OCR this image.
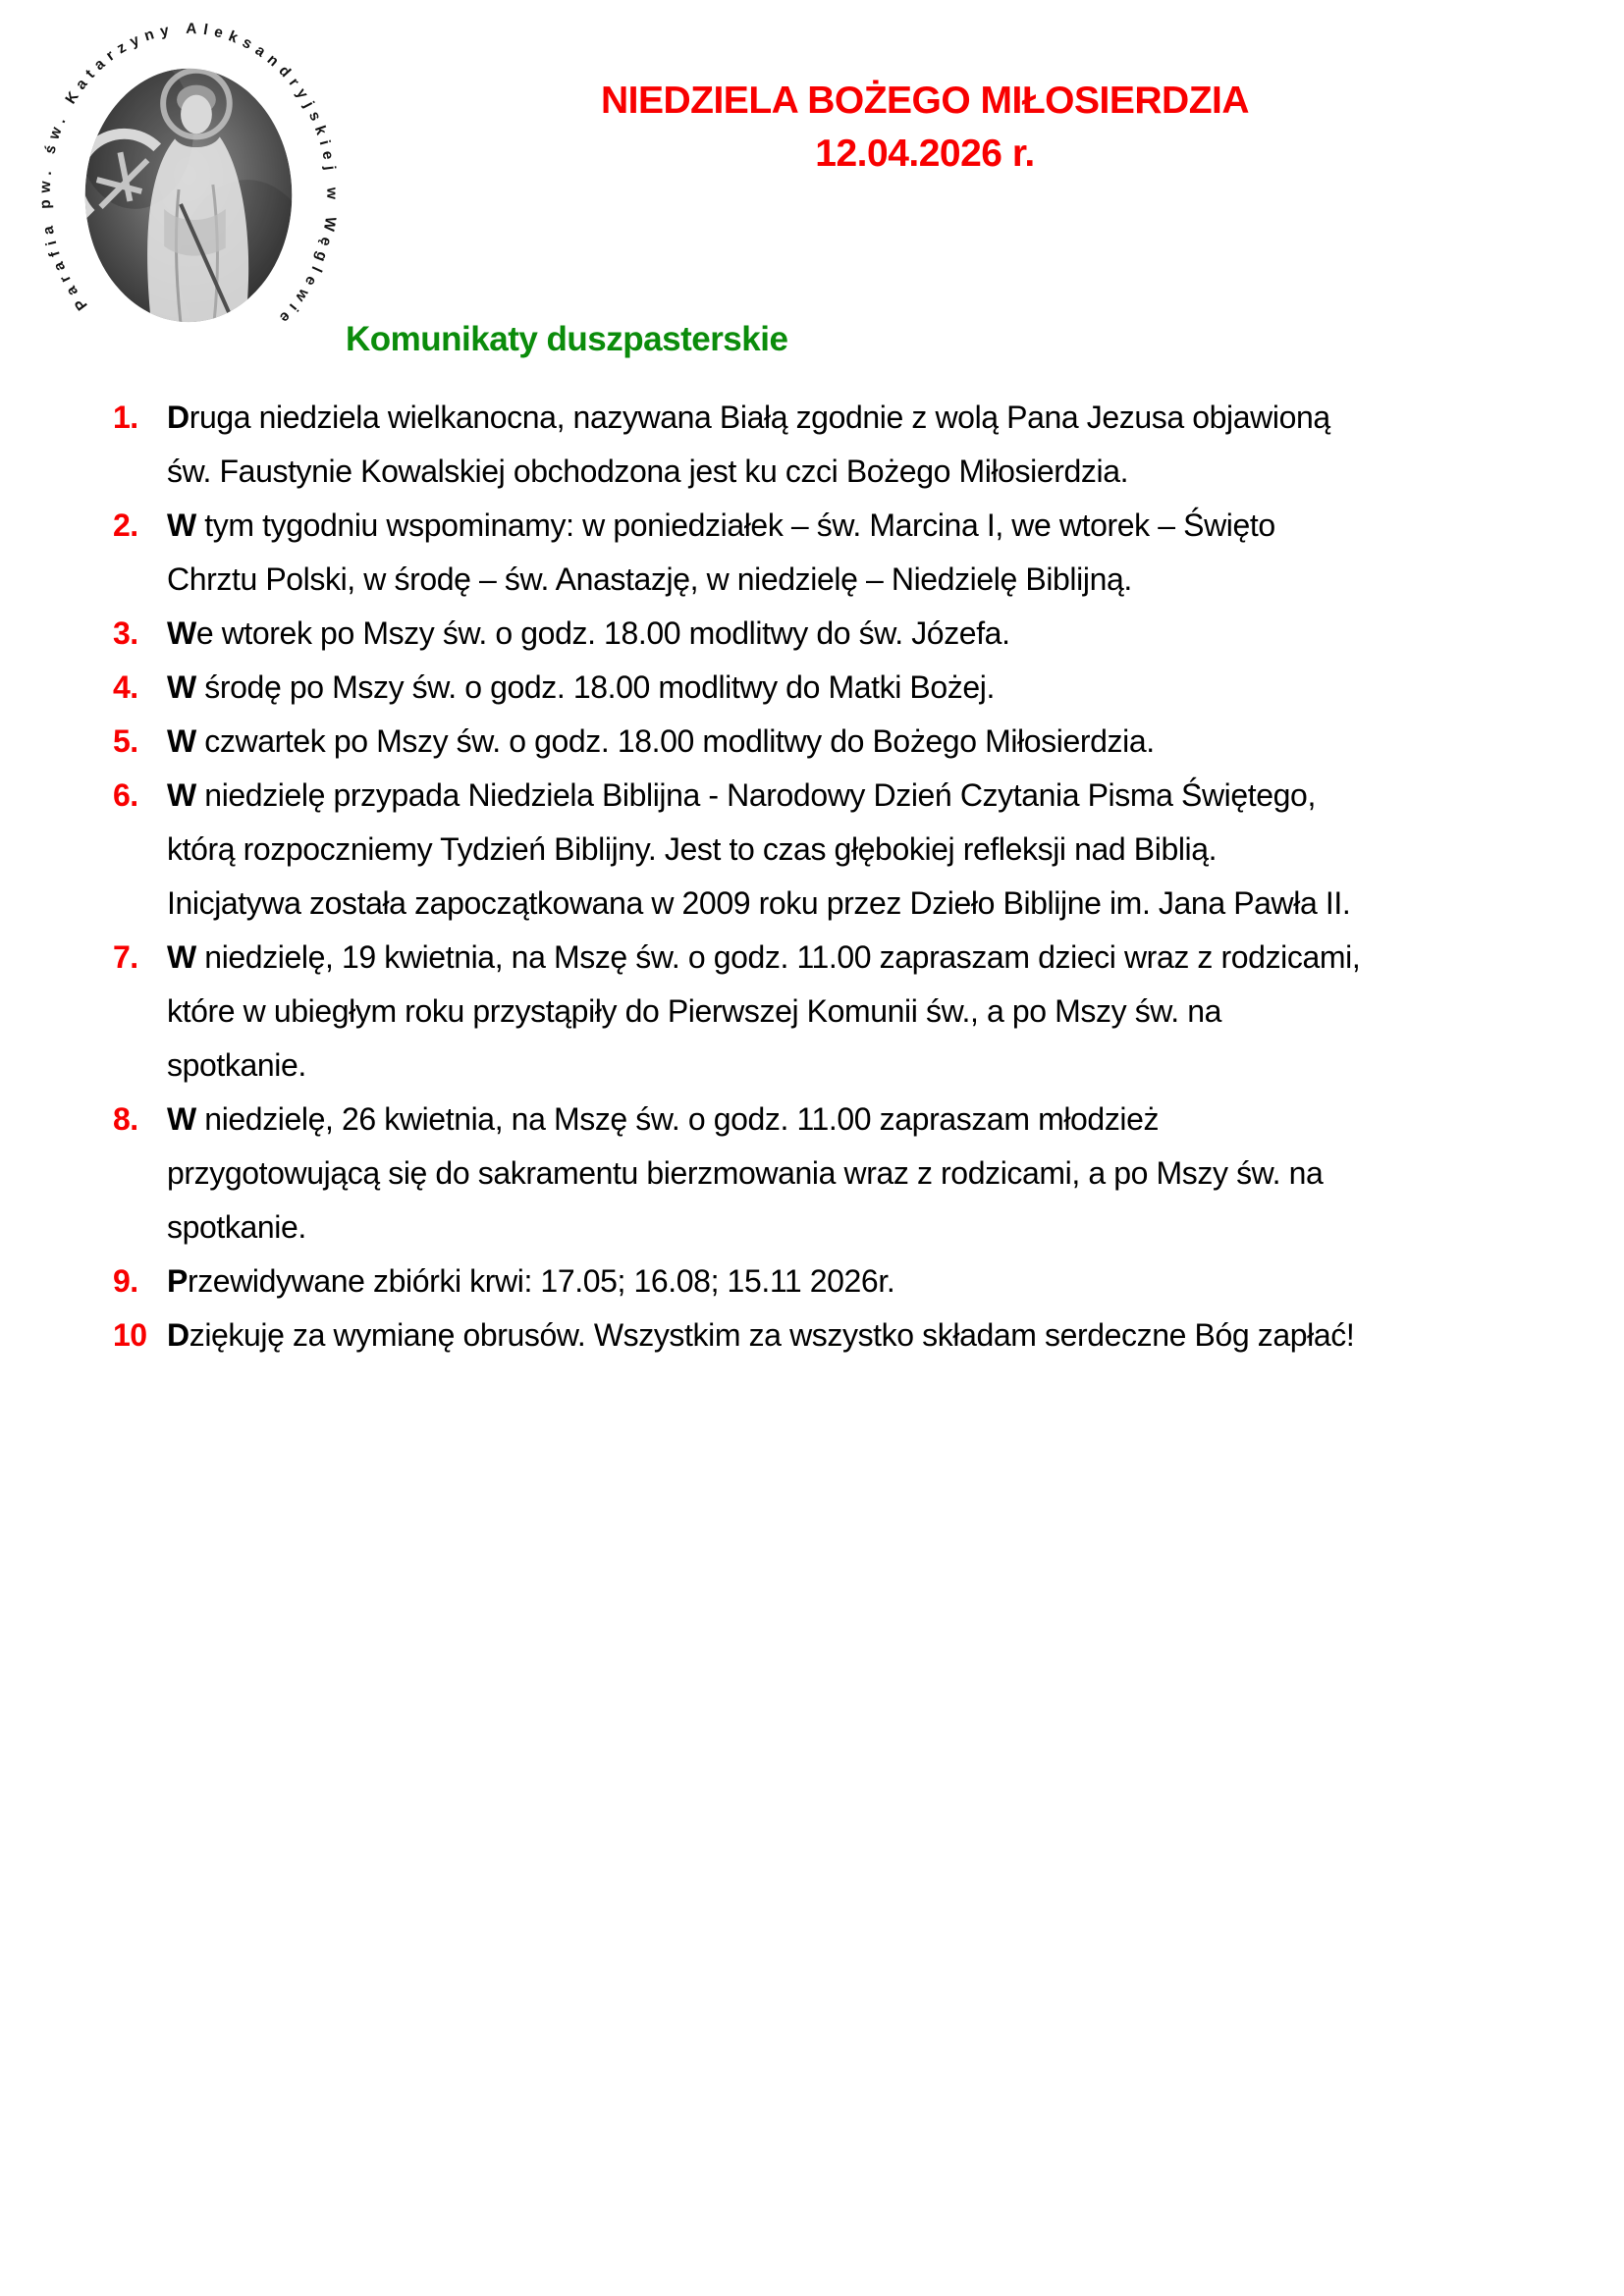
Parafia pw. św. Katarzyny Aleksandryjskiej w Węglewie
NIEDZIELA BOŻEGO MIŁOSIERDZIA
12.04.2026 r.
Komunikaty duszpasterskie
1. Druga niedziela wielkanocna, nazywana Białą zgodnie z wolą Pana Jezusa objawioną
św. Faustynie Kowalskiej obchodzona jest ku czci Bożego Miłosierdzia.
2. W tym tygodniu wspominamy: w poniedziałek – św. Marcina I, we wtorek – Święto
Chrztu Polski, w środę – św. Anastazję, w niedzielę – Niedzielę Biblijną.
3. We wtorek po Mszy św. o godz. 18.00 modlitwy do św. Józefa.
4. W środę po Mszy św. o godz. 18.00 modlitwy do Matki Bożej.
5. W czwartek po Mszy św. o godz. 18.00 modlitwy do Bożego Miłosierdzia.
6. W niedzielę przypada Niedziela Biblijna - Narodowy Dzień Czytania Pisma Świętego,
którą rozpoczniemy Tydzień Biblijny. Jest to czas głębokiej refleksji nad Biblią.
Inicjatywa została zapoczątkowana w 2009 roku przez Dzieło Biblijne im. Jana Pawła II.
7. W niedzielę, 19 kwietnia, na Mszę św. o godz. 11.00 zapraszam dzieci wraz z rodzicami,
które w ubiegłym roku przystąpiły do Pierwszej Komunii św., a po Mszy św. na
spotkanie.
8. W niedzielę, 26 kwietnia, na Mszę św. o godz. 11.00 zapraszam młodzież
przygotowującą się do sakramentu bierzmowania wraz z rodzicami, a po Mszy św. na
spotkanie.
9. Przewidywane zbiórki krwi: 17.05; 16.08; 15.11 2026r.
10 Dziękuję za wymianę obrusów. Wszystkim za wszystko składam serdeczne Bóg zapłać!
